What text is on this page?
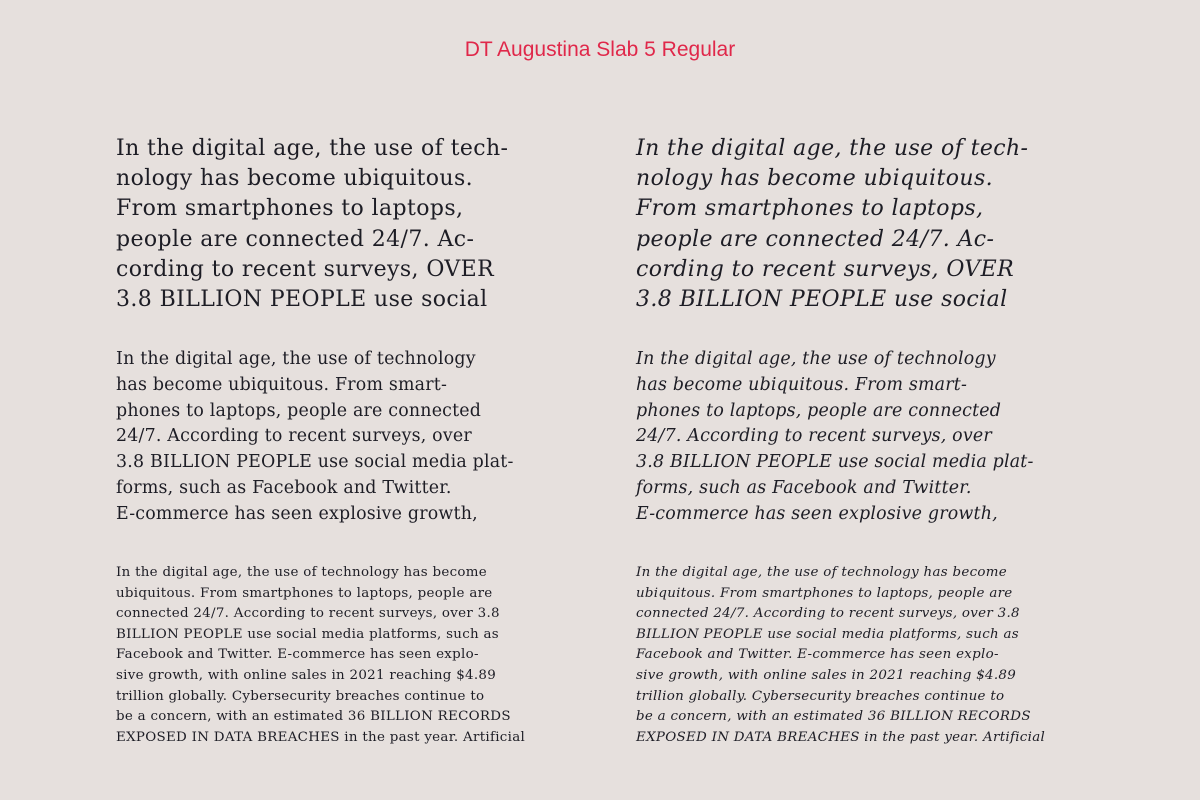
DT Augustina Slab 5 Regular

In the digital age, the use of tech-
nology has become ubiquitous.
From smartphones to laptops,
people are connected 24/7. Ac-
cording to recent surveys, OVER
3.8 BILLION PEOPLE use social

In the digital age, the use of technology
has become ubiquitous. From smart-
phones to laptops, people are connected
24/7. According to recent surveys, over
3.8 BILLION PEOPLE use social media plat-
forms, such as Facebook and Twitter.
E-commerce has seen explosive growth,

In the digital age, the use of technology has become
ubiquitous. From smartphones to laptops, people are
connected 24/7. According to recent surveys, over 3.8
BILLION PEOPLE use social media platforms, such as
Facebook and Twitter. E-commerce has seen explo-
sive growth, with online sales in 2021 reaching $4.89
trillion globally. Cybersecurity breaches continue to
be a concern, with an estimated 36 BILLION RECORDS
EXPOSED IN DATA BREACHES in the past year. Artificial

In the digital age, the use of tech-
nology has become ubiquitous.
From smartphones to laptops,
people are connected 24/7. Ac-
cording to recent surveys, OVER
3.8 BILLION PEOPLE use social

In the digital age, the use of technology
has become ubiquitous. From smart-
phones to laptops, people are connected
24/7. According to recent surveys, over
3.8 BILLION PEOPLE use social media plat-
forms, such as Facebook and Twitter.
E-commerce has seen explosive growth,

In the digital age, the use of technology has become
ubiquitous. From smartphones to laptops, people are
connected 24/7. According to recent surveys, over 3.8
BILLION PEOPLE use social media platforms, such as
Facebook and Twitter. E-commerce has seen explo-
sive growth, with online sales in 2021 reaching $4.89
trillion globally. Cybersecurity breaches continue to
be a concern, with an estimated 36 BILLION RECORDS
EXPOSED IN DATA BREACHES in the past year. Artificial
